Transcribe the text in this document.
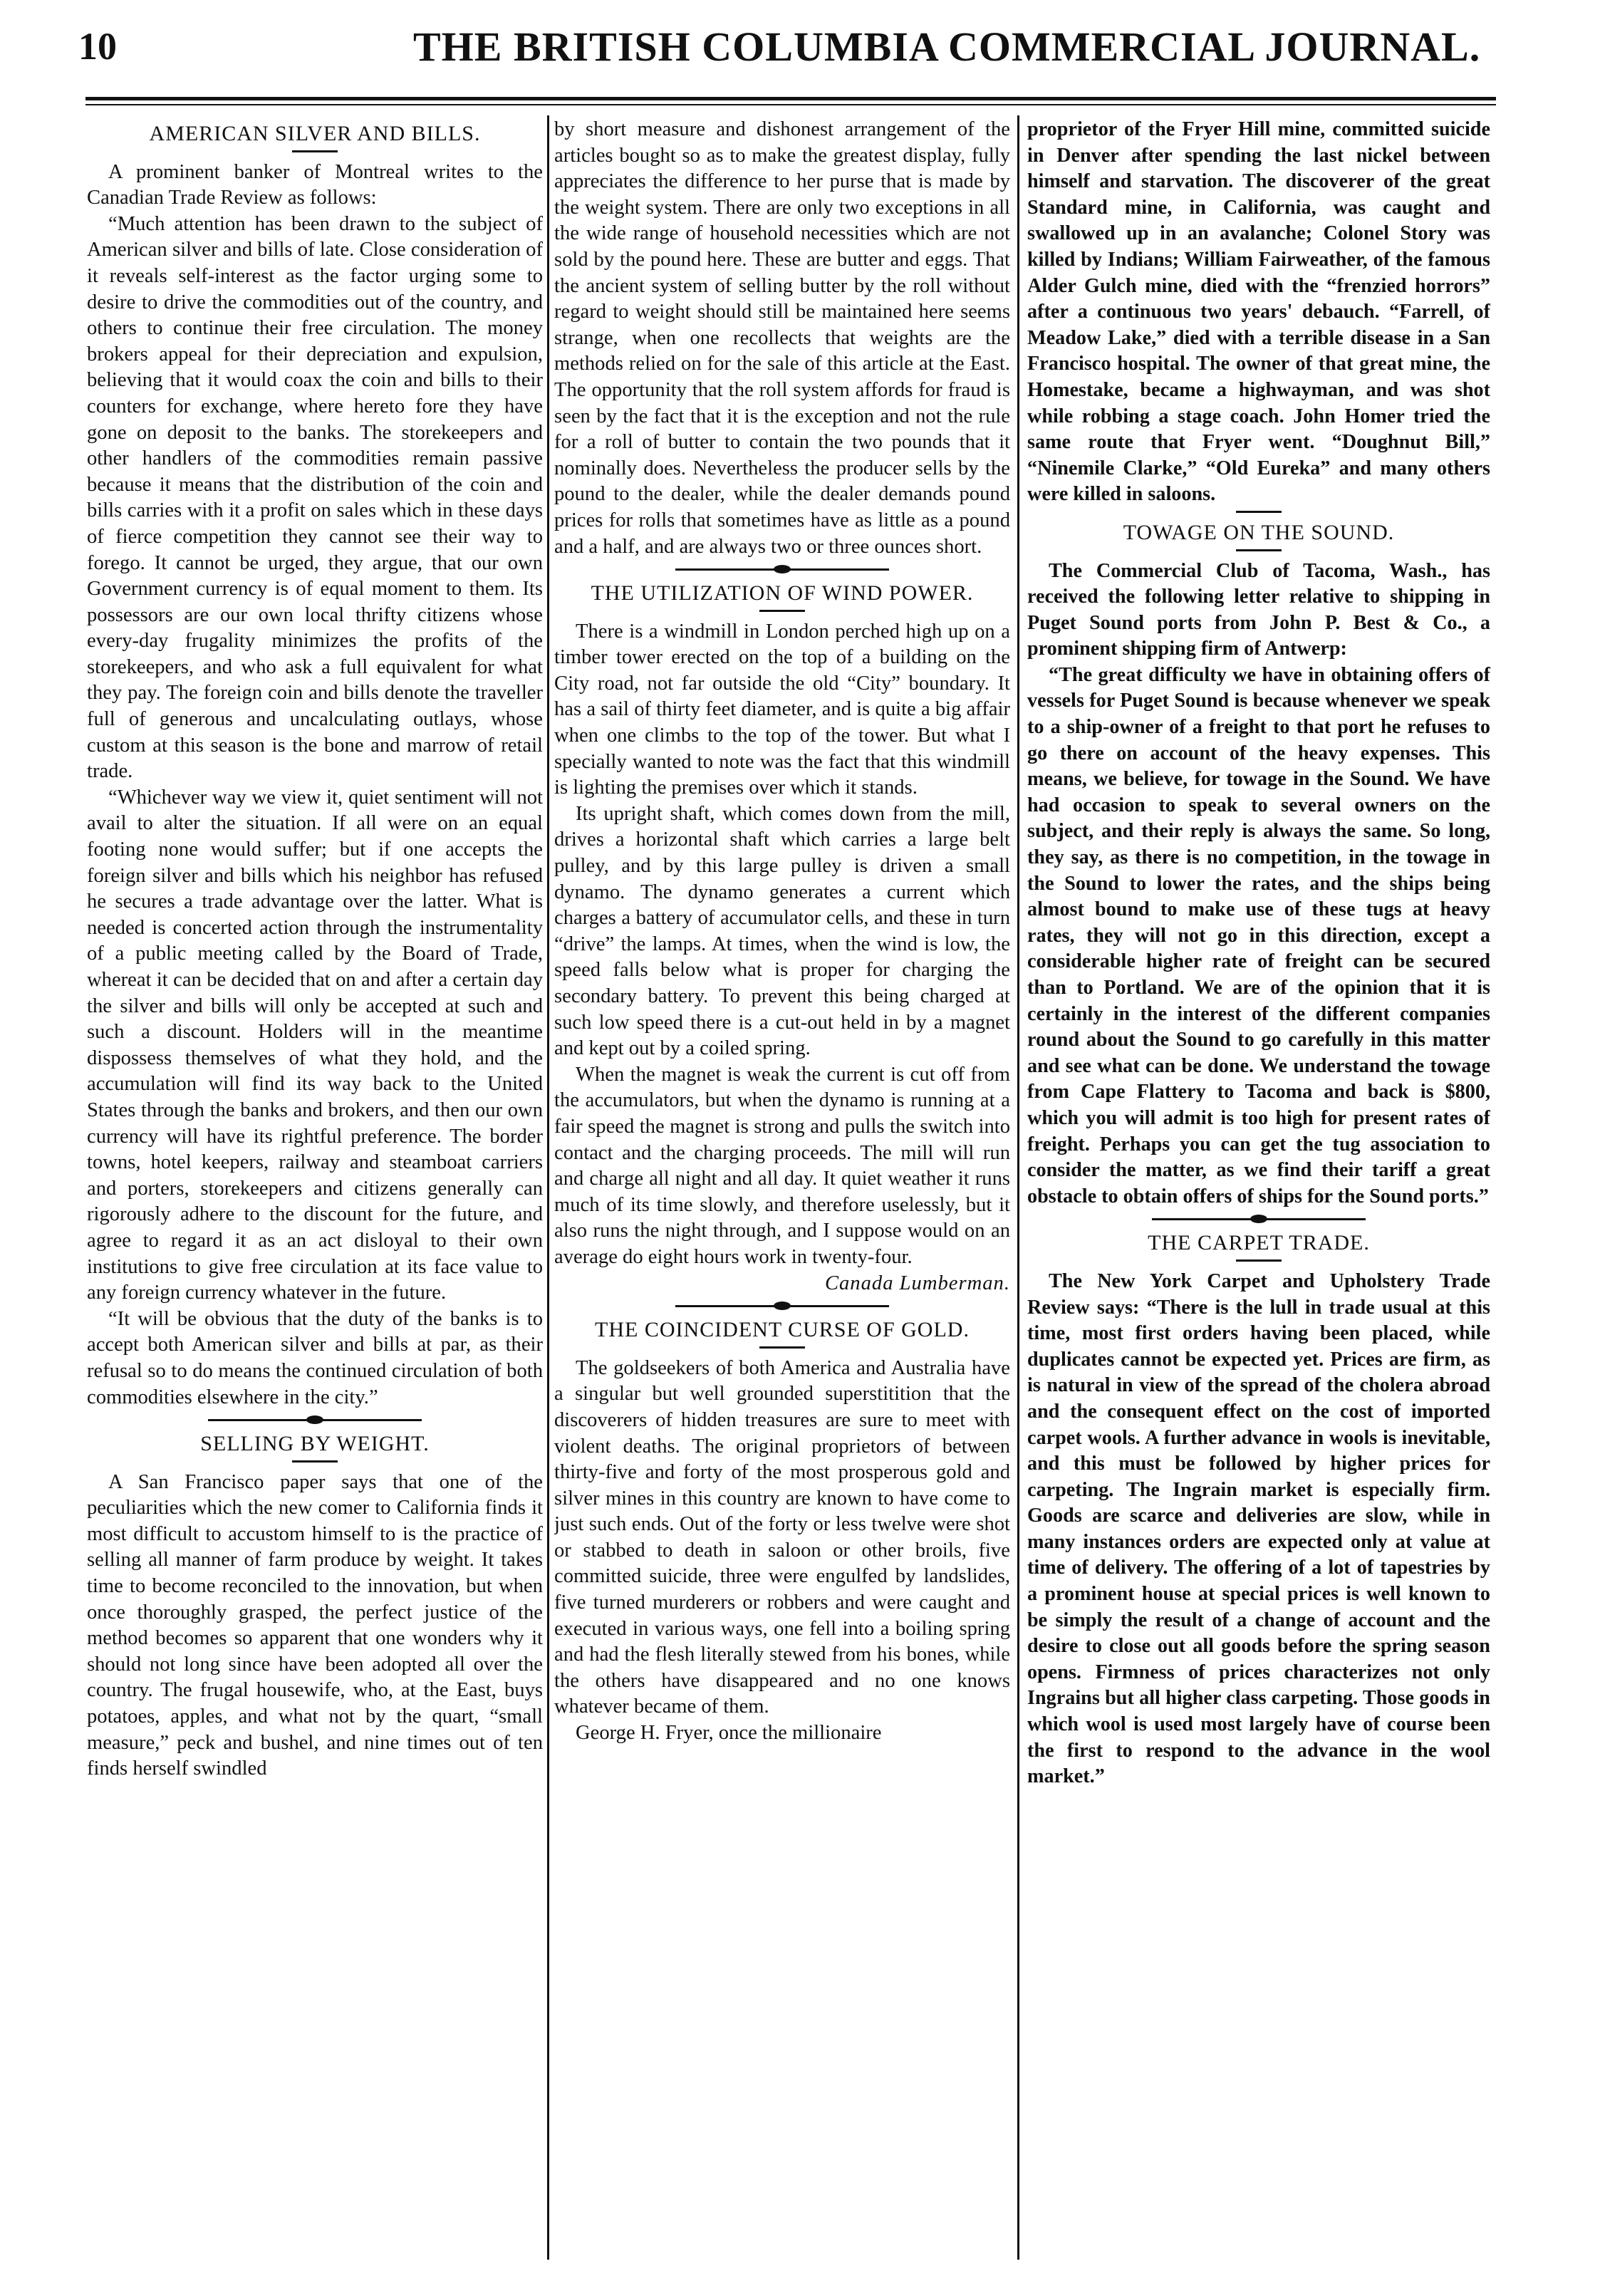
10	THE BRITISH COLUMBIA COMMERCIAL JOURNAL.
AMERICAN SILVER AND BILLS.

A prominent banker of Montreal writes to the Canadian Trade Review as follows:

“Much attention has been drawn to the subject of American silver and bills of late. Close consideration of it reveals self-interest as the factor urging some to desire to drive the commodities out of the country, and others to continue their free circulation. The money brokers appeal for their depreciation and expulsion, believing that it would coax the coin and bills to their counters for exchange, where hereto fore they have gone on deposit to the banks. The storekeepers and other handlers of the commodities remain passive because it means that the distribution of the coin and bills carries with it a profit on sales which in these days of fierce competition they cannot see their way to forego. It cannot be urged, they argue, that our own Government currency is of equal moment to them. Its possessors are our own local thrifty citizens whose every-day frugality minimizes the profits of the storekeepers, and who ask a full equivalent for what they pay. The foreign coin and bills denote the traveller full of generous and uncalculating outlays, whose custom at this season is the bone and marrow of retail trade.

“Whichever way we view it, quiet sentiment will not avail to alter the situation. If all were on an equal footing none would suffer; but if one accepts the foreign silver and bills which his neighbor has refused he secures a trade advantage over the latter. What is needed is concerted action through the instrumentality of a public meeting called by the Board of Trade, whereat it can be decided that on and after a certain day the silver and bills will only be accepted at such and such a discount. Holders will in the meantime dispossess themselves of what they hold, and the accumulation will find its way back to the United States through the banks and brokers, and then our own currency will have its rightful preference. The border towns, hotel keepers, railway and steamboat carriers and porters, storekeepers and citizens generally can rigorously adhere to the discount for the future, and agree to regard it as an act disloyal to their own institutions to give free circulation at its face value to any foreign currency whatever in the future.

“It will be obvious that the duty of the banks is to accept both American silver and bills at par, as their refusal so to do means the continued circulation of both commodities elsewhere in the city.”

SELLING BY WEIGHT.

A San Francisco paper says that one of the peculiarities which the new comer to California finds it most difficult to accustom himself to is the practice of selling all manner of farm produce by weight. It takes time to become reconciled to the innovation, but when once thoroughly grasped, the perfect justice of the method becomes so apparent that one wonders why it should not long since have been adopted all over the country. The frugal housewife, who, at the East, buys potatoes, apples, and what not by the quart, “small measure,” peck and bushel, and nine times out of ten finds herself swindled

by short measure and dishonest arrangement of the articles bought so as to make the greatest display, fully appreciates the difference to her purse that is made by the weight system. There are only two exceptions in all the wide range of household necessities which are not sold by the pound here. These are butter and eggs. That the ancient system of selling butter by the roll without regard to weight should still be maintained here seems strange, when one recollects that weights are the methods relied on for the sale of this article at the East. The opportunity that the roll system affords for fraud is seen by the fact that it is the exception and not the rule for a roll of butter to contain the two pounds that it nominally does. Nevertheless the producer sells by the pound to the dealer, while the dealer demands pound prices for rolls that sometimes have as little as a pound and a half, and are always two or three ounces short.

THE UTILIZATION OF WIND POWER.

There is a windmill in London perched high up on a timber tower erected on the top of a building on the City road, not far outside the old “City” boundary. It has a sail of thirty feet diameter, and is quite a big affair when one climbs to the top of the tower. But what I specially wanted to note was the fact that this windmill is lighting the premises over which it stands.

Its upright shaft, which comes down from the mill, drives a horizontal shaft which carries a large belt pulley, and by this large pulley is driven a small dynamo. The dynamo generates a current which charges a battery of accumulator cells, and these in turn “drive” the lamps. At times, when the wind is low, the speed falls below what is proper for charging the secondary battery. To prevent this being charged at such low speed there is a cut-out held in by a magnet and kept out by a coiled spring.

When the magnet is weak the current is cut off from the accumulators, but when the dynamo is running at a fair speed the magnet is strong and pulls the switch into contact and the charging proceeds. The mill will run and charge all night and all day. It quiet weather it runs much of its time slowly, and therefore uselessly, but it also runs the night through, and I suppose would on an average do eight hours work in twenty-four.

Canada Lumberman.

THE COINCIDENT CURSE OF GOLD.

The goldseekers of both America and Australia have a singular but well grounded superstitition that the discoverers of hidden treasures are sure to meet with violent deaths. The original proprietors of between thirty-five and forty of the most prosperous gold and silver mines in this country are known to have come to just such ends. Out of the forty or less twelve were shot or stabbed to death in saloon or other broils, five committed suicide, three were engulfed by landslides, five turned murderers or robbers and were caught and executed in various ways, one fell into a boiling spring and had the flesh literally stewed from his bones, while the others have disappeared and no one knows whatever became of them.

George H. Fryer, once the millionaire

proprietor of the Fryer Hill mine, committed suicide in Denver after spending the last nickel between himself and starvation. The discoverer of the great Standard mine, in California, was caught and swallowed up in an avalanche; Colonel Story was killed by Indians; William Fairweather, of the famous Alder Gulch mine, died with the “frenzied horrors” after a continuous two years' debauch. “Farrell, of Meadow Lake,” died with a terrible disease in a San Francisco hospital. The owner of that great mine, the Homestake, became a highwayman, and was shot while robbing a stage coach. John Homer tried the same route that Fryer went. “Doughnut Bill,” “Ninemile Clarke,” “Old Eureka” and many others were killed in saloons.

TOWAGE ON THE SOUND.

The Commercial Club of Tacoma, Wash., has received the following letter relative to shipping in Puget Sound ports from John P. Best & Co., a prominent shipping firm of Antwerp:

“The great difficulty we have in obtaining offers of vessels for Puget Sound is because whenever we speak to a ship-owner of a freight to that port he refuses to go there on account of the heavy expenses. This means, we believe, for towage in the Sound. We have had occasion to speak to several owners on the subject, and their reply is always the same. So long, they say, as there is no competition, in the towage in the Sound to lower the rates, and the ships being almost bound to make use of these tugs at heavy rates, they will not go in this direction, except a considerable higher rate of freight can be secured than to Portland. We are of the opinion that it is certainly in the interest of the different companies round about the Sound to go carefully in this matter and see what can be done. We understand the towage from Cape Flattery to Tacoma and back is $800, which you will admit is too high for present rates of freight. Perhaps you can get the tug association to consider the matter, as we find their tariff a great obstacle to obtain offers of ships for the Sound ports.”

THE CARPET TRADE.

The New York Carpet and Upholstery Trade Review says: “There is the lull in trade usual at this time, most first orders having been placed, while duplicates cannot be expected yet. Prices are firm, as is natural in view of the spread of the cholera abroad and the consequent effect on the cost of imported carpet wools. A further advance in wools is inevitable, and this must be followed by higher prices for carpeting. The Ingrain market is especially firm. Goods are scarce and deliveries are slow, while in many instances orders are expected only at value at time of delivery. The offering of a lot of tapestries by a prominent house at special prices is well known to be simply the result of a change of account and the desire to close out all goods before the spring season opens. Firmness of prices characterizes not only Ingrains but all higher class carpeting. Those goods in which wool is used most largely have of course been the first to respond to the advance in the wool market.”
